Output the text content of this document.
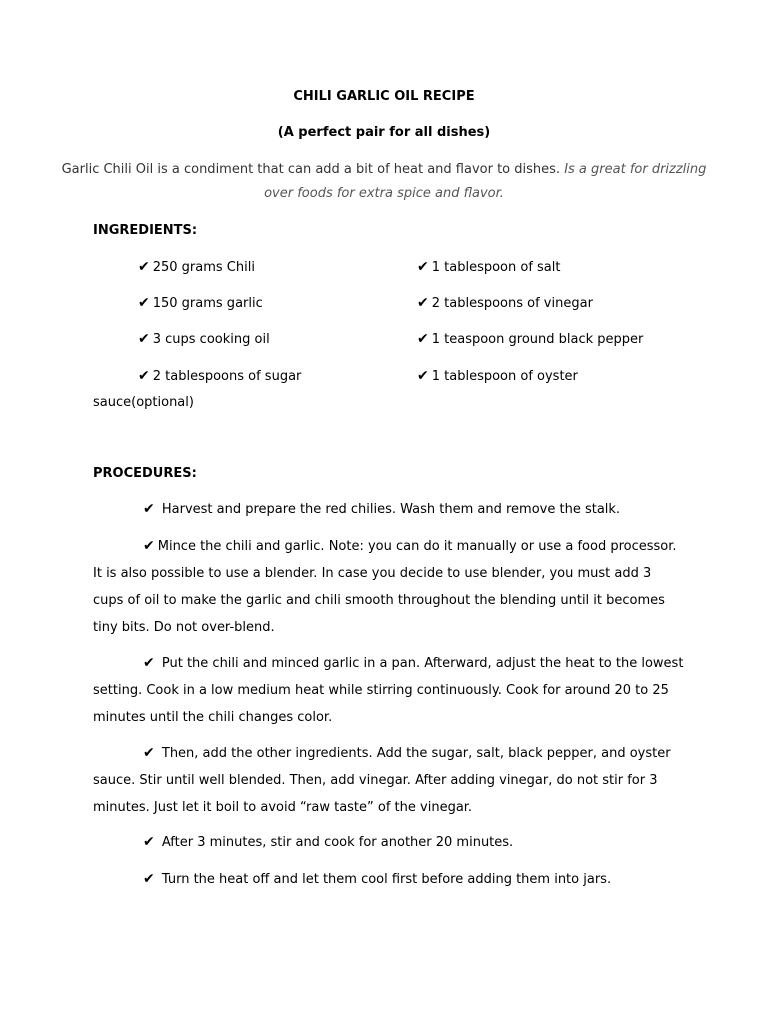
CHILI GARLIC OIL RECIPE
(A perfect pair for all dishes)
Garlic Chili Oil is a condiment that can add a bit of heat and flavor to dishes. Is a great for drizzling
over foods for extra spice and flavor.
INGREDIENTS:
✔ 250 grams Chili
✔ 150 grams garlic
✔ 3 cups cooking oil
✔ 2 tablespoons of sugar
sauce(optional)
✔ 1 tablespoon of salt
✔ 2 tablespoons of vinegar
✔ 1 teaspoon ground black pepper
✔ 1 tablespoon of oyster
PROCEDURES:
✔ Harvest and prepare the red chilies. Wash them and remove the stalk.
✔ Mince the chili and garlic. Note: you can do it manually or use a food processor. It is also possible to use a blender. In case you decide to use blender, you must add 3 cups of oil to make the garlic and chili smooth throughout the blending until it becomes tiny bits. Do not over-blend.
✔ Put the chili and minced garlic in a pan. Afterward, adjust the heat to the lowest setting. Cook in a low medium heat while stirring continuously. Cook for around 20 to 25 minutes until the chili changes color.
✔ Then, add the other ingredients. Add the sugar, salt, black pepper, and oyster sauce. Stir until well blended. Then, add vinegar. After adding vinegar, do not stir for 3 minutes. Just let it boil to avoid “raw taste” of the vinegar.
✔ After 3 minutes, stir and cook for another 20 minutes.
✔ Turn the heat off and let them cool first before adding them into jars.
